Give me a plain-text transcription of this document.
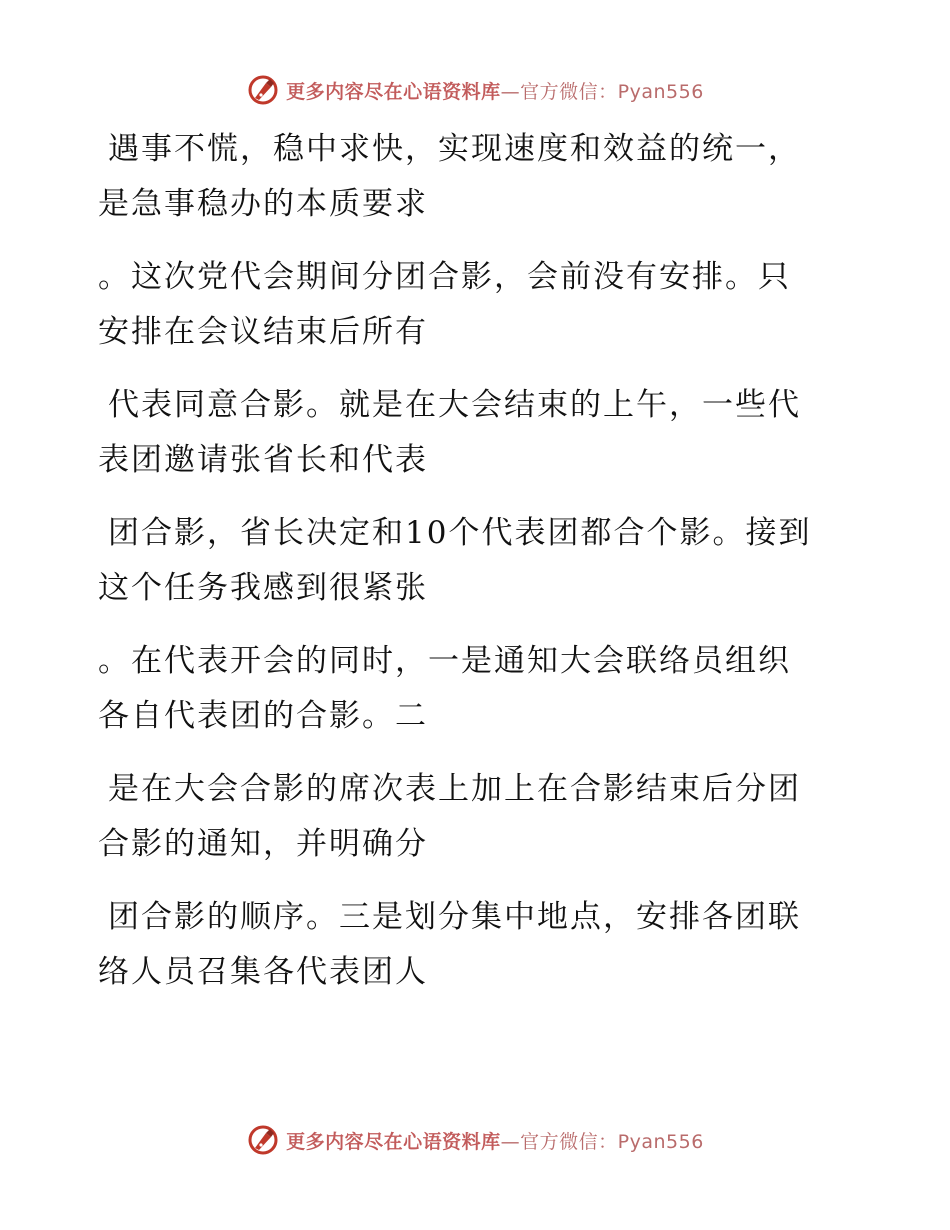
更多内容尽在心语资料库—官方微信：Pyan556
遇事不慌，稳中求快，实现速度和效益的统一，
是急事稳办的本质要求
。这次党代会期间分团合影，会前没有安排。只
安排在会议结束后所有
代表同意合影。就是在大会结束的上午，一些代
表团邀请张省长和代表
团合影，省长决定和10个代表团都合个影。接到
这个任务我感到很紧张
。在代表开会的同时，一是通知大会联络员组织
各自代表团的合影。二
是在大会合影的席次表上加上在合影结束后分团
合影的通知，并明确分
团合影的顺序。三是划分集中地点，安排各团联
络人员召集各代表团人
更多内容尽在心语资料库—官方微信：Pyan556
